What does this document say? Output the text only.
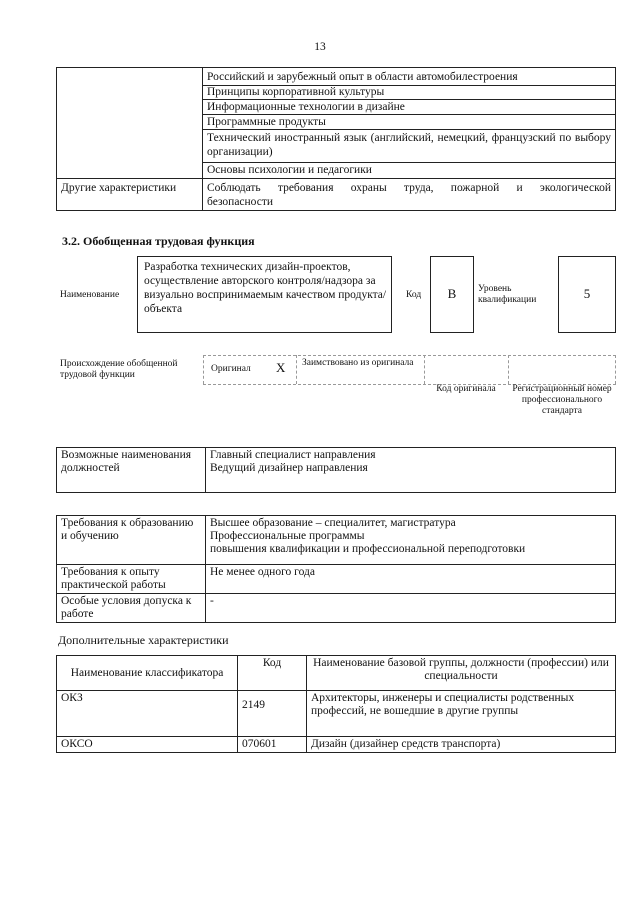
13
Российский и зарубежный опыт в области автомобилестроения
Принципы корпоративной культуры
Информационные технологии в дизайне
Программные продукты
Технический иностранный язык (английский, немецкий, французский по выбору организации)
Основы психологии и педагогики
Другие характеристики	Соблюдать требования охраны труда, пожарной и экологической
безопасности
3.2. Обобщенная трудовая функция
Наименование
Разработка технических дизайн-проектов, осуществление авторского контроля/надзора за визуально воспринимаемым качеством продукта/объекта
Код	B	Уровень квалификации	5
Происхождение обобщенной трудовой функции
Оригинал X Заимствовано из оригинала
Код оригинала	Регистрационный номер профессионального стандарта
Возможные наименования должностей	
Главный специалист направления
Ведущий дизайнер направления
Требования к образованию и обучению	Высшее образование – специалитет, магистратура
Профессиональные программы
повышения квалификации и профессиональной переподготовки

Требования к опыту практической работы	Не менее одного года
Особые условия допуска к работе	-
Дополнительные характеристики
Наименование классификатора	Код	Наименование базовой группы, должности (профессии) или специальности
ОКЗ	2149	Архитекторы, инженеры и специалисты родственных профессий, не вошедшие в другие группы
ОКСО	070601	Дизайн (дизайнер средств транспорта)
